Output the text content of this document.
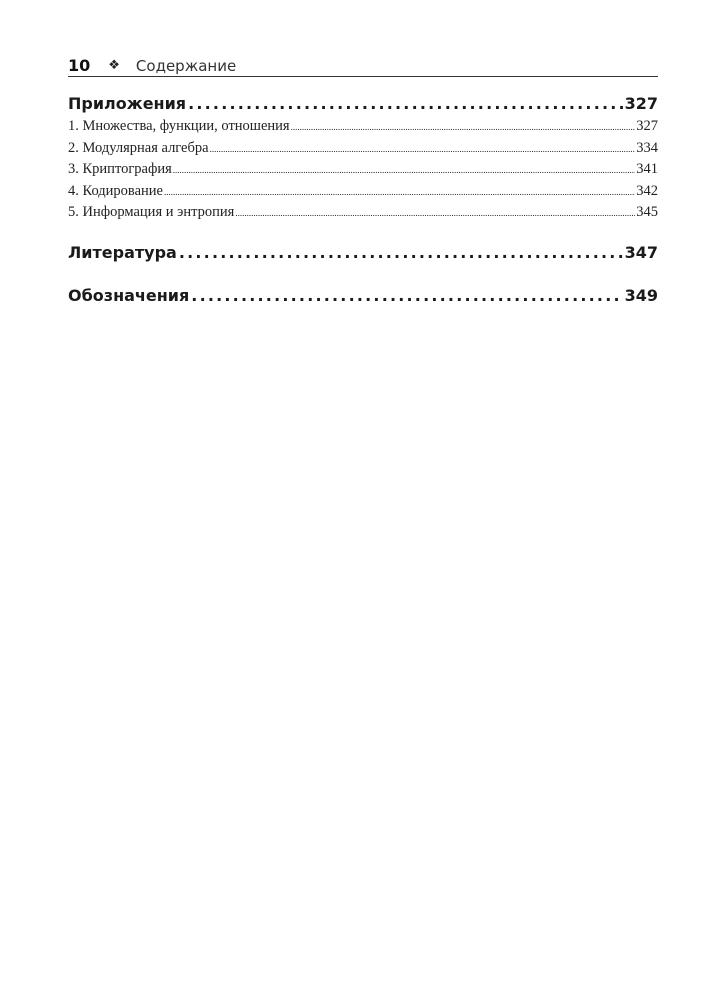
10 ❖ Содержание
Приложения .....	327
1. Множества, функции, отношения .....	327
2. Модулярная алгебра .....	334
3. Криптография .....	341
4. Кодирование .....	342
5. Информация и энтропия .....	345
Литература .....	347
Обозначения .....	349
